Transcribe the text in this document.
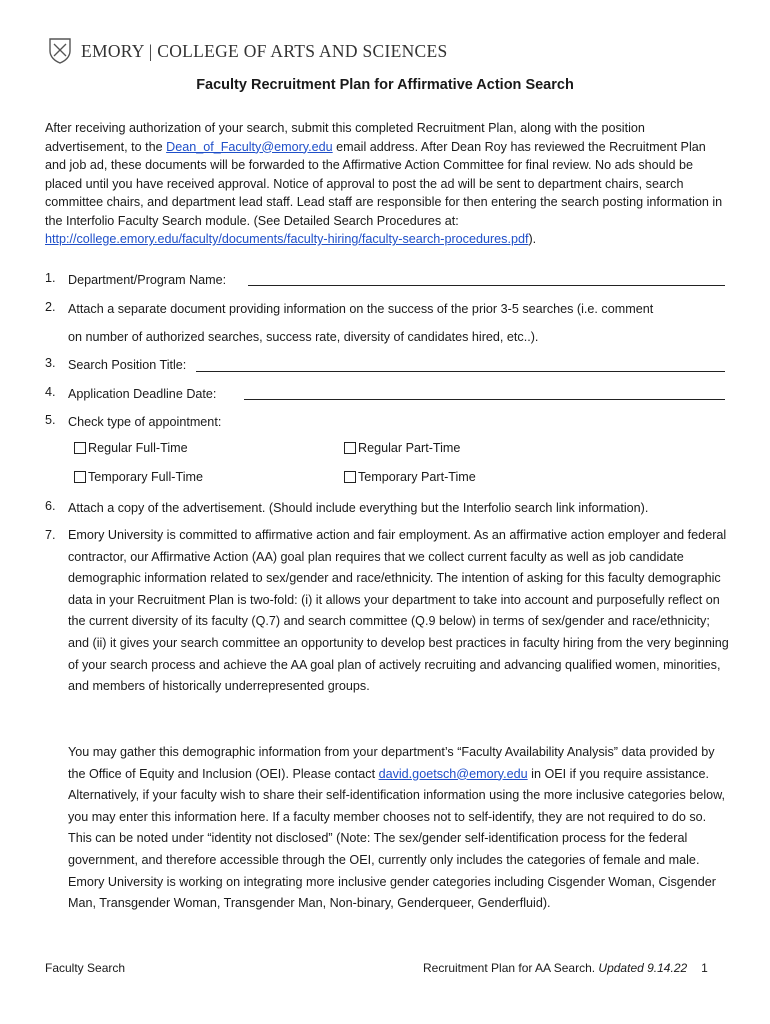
EMORY | COLLEGE OF ARTS AND SCIENCES
Faculty Recruitment Plan for Affirmative Action Search
After receiving authorization of your search, submit this completed Recruitment Plan, along with the position advertisement, to the Dean_of_Faculty@emory.edu email address. After Dean Roy has reviewed the Recruitment Plan and job ad, these documents will be forwarded to the Affirmative Action Committee for final review. No ads should be placed until you have received approval. Notice of approval to post the ad will be sent to department chairs, search committee chairs, and department lead staff. Lead staff are responsible for then entering the search posting information in the Interfolio Faculty Search module. (See Detailed Search Procedures at: http://college.emory.edu/faculty/documents/faculty-hiring/faculty-search-procedures.pdf).
1. Department/Program Name:
2. Attach a separate document providing information on the success of the prior 3-5 searches (i.e. comment
on number of authorized searches, success rate, diversity of candidates hired, etc..).
3. Search Position Title:
4. Application Deadline Date:
5. Check type of appointment:
Regular Full-Time	Regular Part-Time
Temporary Full-Time	Temporary Part-Time
6. Attach a copy of the advertisement. (Should include everything but the Interfolio search link information).
7. Emory University is committed to affirmative action and fair employment. As an affirmative action employer and federal contractor, our Affirmative Action (AA) goal plan requires that we collect current faculty as well as job candidate demographic information related to sex/gender and race/ethnicity. The intention of asking for this faculty demographic data in your Recruitment Plan is two-fold: (i) it allows your department to take into account and purposefully reflect on the current diversity of its faculty (Q.7) and search committee (Q.9 below) in terms of sex/gender and race/ethnicity; and (ii) it gives your search committee an opportunity to develop best practices in faculty hiring from the very beginning of your search process and achieve the AA goal plan of actively recruiting and advancing qualified women, minorities, and members of historically underrepresented groups.
You may gather this demographic information from your department’s “Faculty Availability Analysis” data provided by the Office of Equity and Inclusion (OEI). Please contact david.goetsch@emory.edu in OEI if you require assistance. Alternatively, if your faculty wish to share their self-identification information using the more inclusive categories below, you may enter this information here. If a faculty member chooses not to self-identify, they are not required to do so. This can be noted under “identity not disclosed” (Note: The sex/gender self-identification process for the federal government, and therefore accessible through the OEI, currently only includes the categories of female and male. Emory University is working on integrating more inclusive gender categories including Cisgender Woman, Cisgender Man, Transgender Woman, Transgender Man, Non-binary, Genderqueer, Genderfluid).
Faculty Search	Recruitment Plan for AA Search. Updated 9.14.22 1
